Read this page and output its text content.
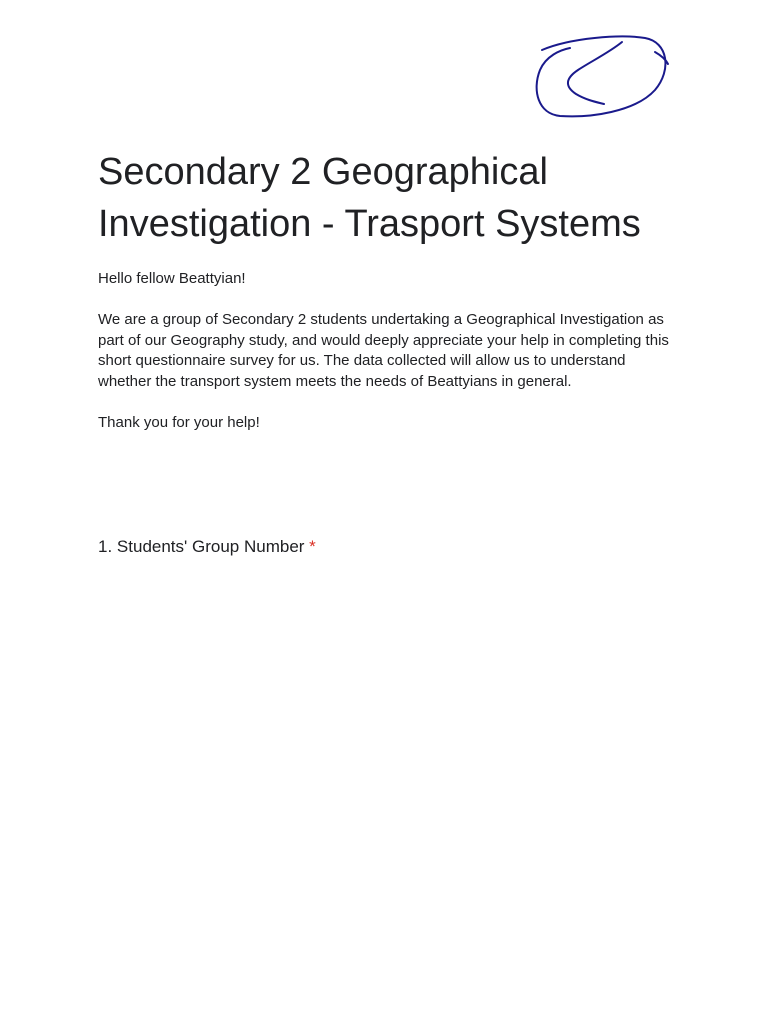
Secondary 2 Geographical Investigation - Trasport Systems

Hello fellow Beattyian!

We are a group of Secondary 2 students undertaking a Geographical Investigation as part of our Geography study, and would deeply appreciate your help in completing this short questionnaire survey for us. The data collected will allow us to understand whether the transport system meets the needs of Beattyians in general.

Thank you for your help!

1. Students' Group Number *
